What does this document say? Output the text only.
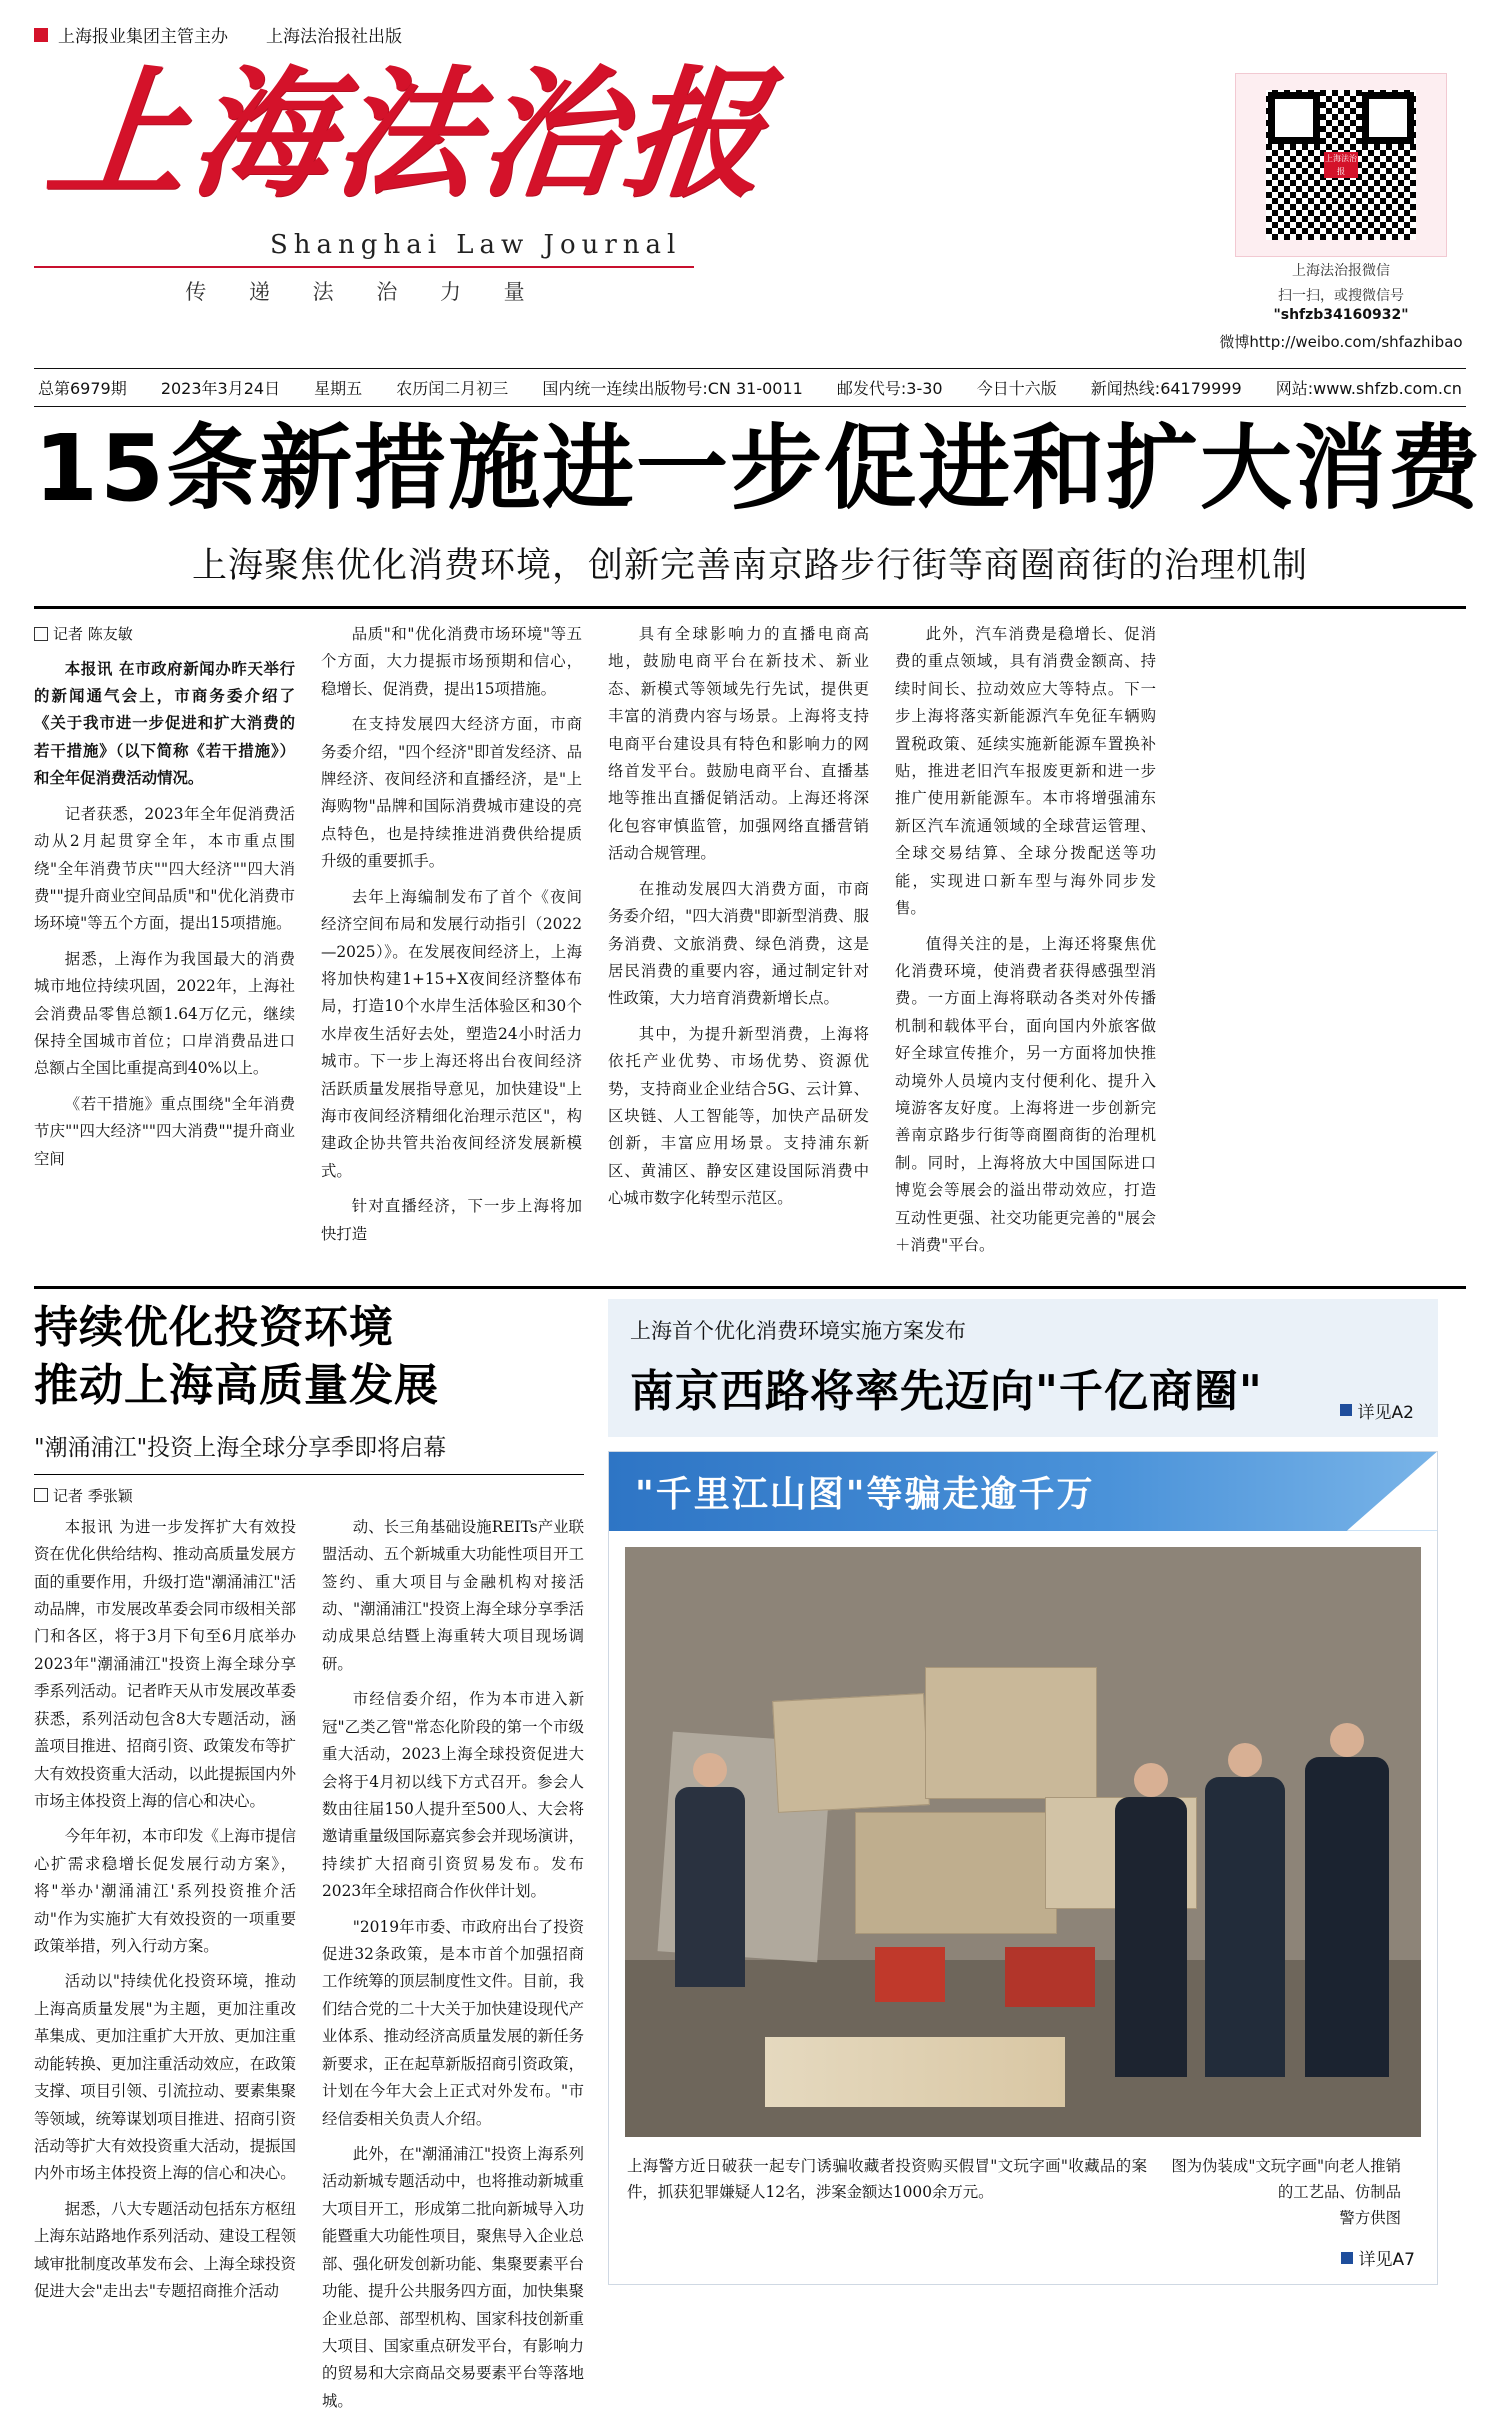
上海报业集团主管主办 上海法治报社出版
上海法治报
Shanghai Law Journal
传 递 法 治 力 量
上海法治报
上海法治报微信
扫一扫，或搜微信号
"shfzb34160932"
微博http://weibo.com/shfazhibao
总第6979期 2023年3月24日 星期五 农历闰二月初三 国内统一连续出版物号:CN 31-0011 邮发代号:3-30 今日十六版 新闻热线:64179999 网站:www.shfzb.com.cn
15条新措施进一步促进和扩大消费
上海聚焦优化消费环境，创新完善南京路步行街等商圈商街的治理机制
记者 陈友敏

本报讯 在市政府新闻办昨天举行的新闻通气会上，市商务委介绍了《关于我市进一步促进和扩大消费的若干措施》（以下简称《若干措施》）和全年促消费活动情况。

记者获悉，2023年全年促消费活动从2月起贯穿全年，本市重点围绕"全年消费节庆""四大经济""四大消费""提升商业空间品质"和"优化消费市场环境"等五个方面，提出15项措施。

据悉，上海作为我国最大的消费城市地位持续巩固，2022年，上海社会消费品零售总额1.64万亿元，继续保持全国城市首位；口岸消费品进口总额占全国比重提高到40%以上。

《若干措施》重点围绕"全年消费节庆""四大经济""四大消费""提升商业空间

品质"和"优化消费市场环境"等五个方面，大力提振市场预期和信心，稳增长、促消费，提出15项措施。

在支持发展四大经济方面，市商务委介绍，"四个经济"即首发经济、品牌经济、夜间经济和直播经济，是"上海购物"品牌和国际消费城市建设的亮点特色，也是持续推进消费供给提质升级的重要抓手。

去年上海编制发布了首个《夜间经济空间布局和发展行动指引（2022—2025）》。在发展夜间经济上，上海将加快构建1+15+X夜间经济整体布局，打造10个水岸生活体验区和30个水岸夜生活好去处，塑造24小时活力城市。下一步上海还将出台夜间经济活跃质量发展指导意见，加快建设"上海市夜间经济精细化治理示范区"，构建政企协共管共治夜间经济发展新模式。

针对直播经济，下一步上海将加快打造

具有全球影响力的直播电商高地，鼓励电商平台在新技术、新业态、新模式等领域先行先试，提供更丰富的消费内容与场景。上海将支持电商平台建设具有特色和影响力的网络首发平台。鼓励电商平台、直播基地等推出直播促销活动。上海还将深化包容审慎监管，加强网络直播营销活动合规管理。

在推动发展四大消费方面，市商务委介绍，"四大消费"即新型消费、服务消费、文旅消费、绿色消费，这是居民消费的重要内容，通过制定针对性政策，大力培育消费新增长点。

其中，为提升新型消费，上海将依托产业优势、市场优势、资源优势，支持商业企业结合5G、云计算、区块链、人工智能等，加快产品研发创新，丰富应用场景。支持浦东新区、黄浦区、静安区建设国际消费中心城市数字化转型示范区。

此外，汽车消费是稳增长、促消费的重点领域，具有消费金额高、持续时间长、拉动效应大等特点。下一步上海将落实新能源汽车免征车辆购置税政策、延续实施新能源车置换补贴，推进老旧汽车报废更新和进一步推广使用新能源车。本市将增强浦东新区汽车流通领域的全球营运管理、全球交易结算、全球分拨配送等功能，实现进口新车型与海外同步发售。

值得关注的是，上海还将聚焦优化消费环境，使消费者获得感强型消费。一方面上海将联动各类对外传播机制和载体平台，面向国内外旅客做好全球宣传推介，另一方面将加快推动境外人员境内支付便利化、提升入境游客友好度。上海将进一步创新完善南京路步行街等商圈商街的治理机制。同时，上海将放大中国国际进口博览会等展会的溢出带动效应，打造互动性更强、社交功能更完善的"展会＋消费"平台。

持续优化投资环境
推动上海高质量发展
"潮涌浦江"投资上海全球分享季即将启幕
记者 季张颖

本报讯 为进一步发挥扩大有效投资在优化供给结构、推动高质量发展方面的重要作用，升级打造"潮涌浦江"活动品牌，市发展改革委会同市级相关部门和各区，将于3月下旬至6月底举办2023年"潮涌浦江"投资上海全球分享季系列活动。记者昨天从市发展改革委获悉，系列活动包含8大专题活动，涵盖项目推进、招商引资、政策发布等扩大有效投资重大活动，以此提振国内外市场主体投资上海的信心和决心。

今年年初，本市印发《上海市提信心扩需求稳增长促发展行动方案》，将"举办'潮涌浦江'系列投资推介活动"作为实施扩大有效投资的一项重要政策举措，列入行动方案。

活动以"持续优化投资环境，推动上海高质量发展"为主题，更加注重改革集成、更加注重扩大开放、更加注重动能转换、更加注重活动效应，在政策支撑、项目引领、引流拉动、要素集聚等领域，统筹谋划项目推进、招商引资活动等扩大有效投资重大活动，提振国内外市场主体投资上海的信心和决心。

据悉，八大专题活动包括东方枢纽上海东站路地作系列活动、建设工程领域审批制度改革发布会、上海全球投资促进大会"走出去"专题招商推介活动

动、长三角基础设施REITs产业联盟活动、五个新城重大功能性项目开工签约、重大项目与金融机构对接活动、"潮涌浦江"投资上海全球分享季活动成果总结暨上海重转大项目现场调研。

市经信委介绍，作为本市进入新冠"乙类乙管"常态化阶段的第一个市级重大活动，2023上海全球投资促进大会将于4月初以线下方式召开。参会人数由往届150人提升至500人、大会将邀请重量级国际嘉宾参会并现场演讲，持续扩大招商引资贸易发布。发布2023年全球招商合作伙伴计划。

"2019年市委、市政府出台了投资促进32条政策，是本市首个加强招商工作统筹的顶层制度性文件。目前，我们结合党的二十大关于加快建设现代产业体系、推动经济高质量发展的新任务新要求，正在起草新版招商引资政策，计划在今年大会上正式对外发布。"市经信委相关负责人介绍。

此外，在"潮涌浦江"投资上海系列活动新城专题活动中，也将推动新城重大项目开工，形成第二批向新城导入功能暨重大功能性项目，聚焦导入企业总部、强化研发创新功能、集聚要素平台功能、提升公共服务四方面，加快集聚企业总部、部型机构、国家科技创新重大项目、国家重点研发平台，有影响力的贸易和大宗商品交易要素平台等落地城。

上海首个优化消费环境实施方案发布
南京西路将率先迈向"千亿商圈"	详见A2
"千里江山图"等骗走逾千万
上海警方近日破获一起专门诱骗收藏者投资购买假冒"文玩字画"收藏品的案件，抓获犯罪嫌疑人12名，涉案金额达1000余万元。
图为伪装成"文玩字画"向老人推销的工艺品、仿制品
警方供图
详见A7
